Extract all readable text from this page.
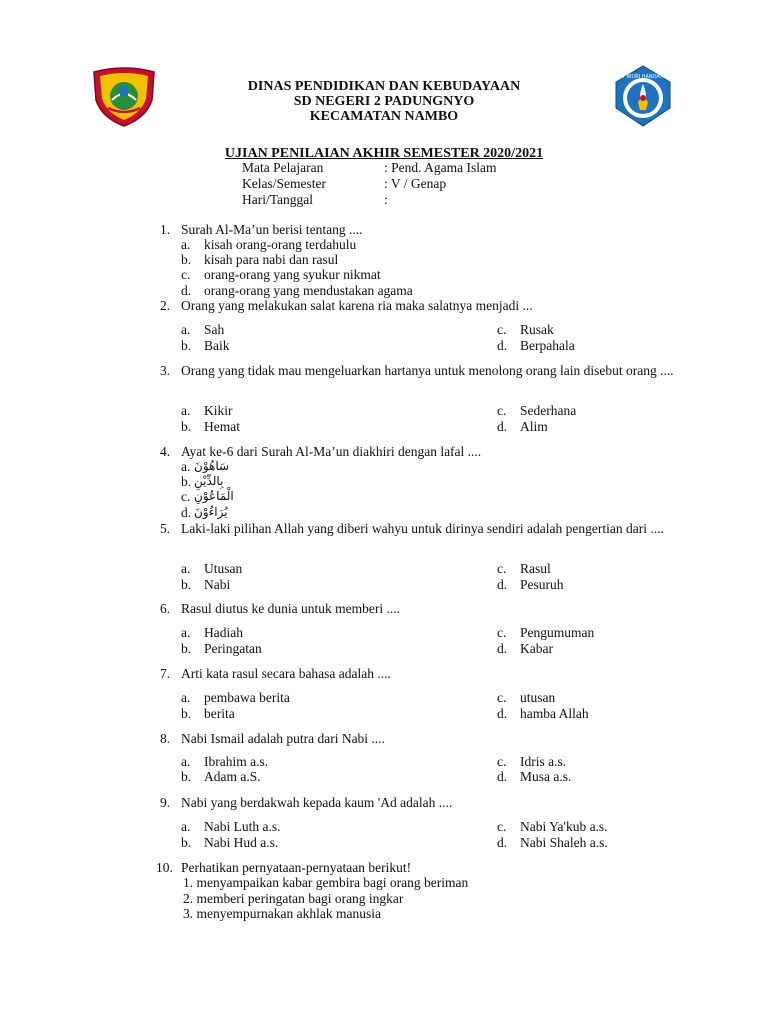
TUT WURI HANDAYANI
DINAS PENDIDIKAN DAN KEBUDAYAAN
SD NEGERI 2 PADUNGNYO
KECAMATAN NAMBO
UJIAN PENILAIAN AKHIR SEMESTER 2020/2021
Mata Pelajaran	: Pend. Agama Islam
Kelas/Semester	: V / Genap
Hari/Tanggal	:
1. Surah Al-Ma’un berisi tentang ....
a. kisah orang-orang terdahulu
b. kisah para nabi dan rasul
c. orang-orang yang syukur nikmat
d. orang-orang yang mendustakan agama
2. Orang yang melakukan salat karena ria maka salatnya menjadi ...
a. Sah
b. Baik
c. Rusak
d. Berpahala
3. Orang yang tidak mau mengeluarkan hartanya untuk menolong orang lain disebut orang ....
a. Kikir
b. Hemat
c. Sederhana
d. Alim
4. Ayat ke-6 dari Surah Al-Ma’un diakhiri dengan lafal ....
a. سَاهُوْنَ
b. بِالدِّيْنِ
c. الْمَاعُوْنِ
d. يُرَاءُوْنَ
5. Laki-laki pilihan Allah yang diberi wahyu untuk dirinya sendiri adalah pengertian dari ....
a. Utusan
b. Nabi
c. Rasul
d. Pesuruh
6. Rasul diutus ke dunia untuk memberi ....
a. Hadiah
b. Peringatan
c. Pengumuman
d. Kabar
7. Arti kata rasul secara bahasa adalah ....
a. pembawa berita
b. berita
c. utusan
d. hamba Allah
8. Nabi Ismail adalah putra dari Nabi ....
a. Ibrahim a.s.
b. Adam a.S.
c. Idris a.s.
d. Musa a.s.
9. Nabi yang berdakwah kepada kaum 'Ad adalah ....
a. Nabi Luth a.s.
b. Nabi Hud a.s.
c. Nabi Ya'kub a.s.
d. Nabi Shaleh a.s.
10. Perhatikan pernyataan-pernyataan berikut!
1. menyampaikan kabar gembira bagi orang beriman
2. memberi peringatan bagi orang ingkar
3. menyempurnakan akhlak manusia
